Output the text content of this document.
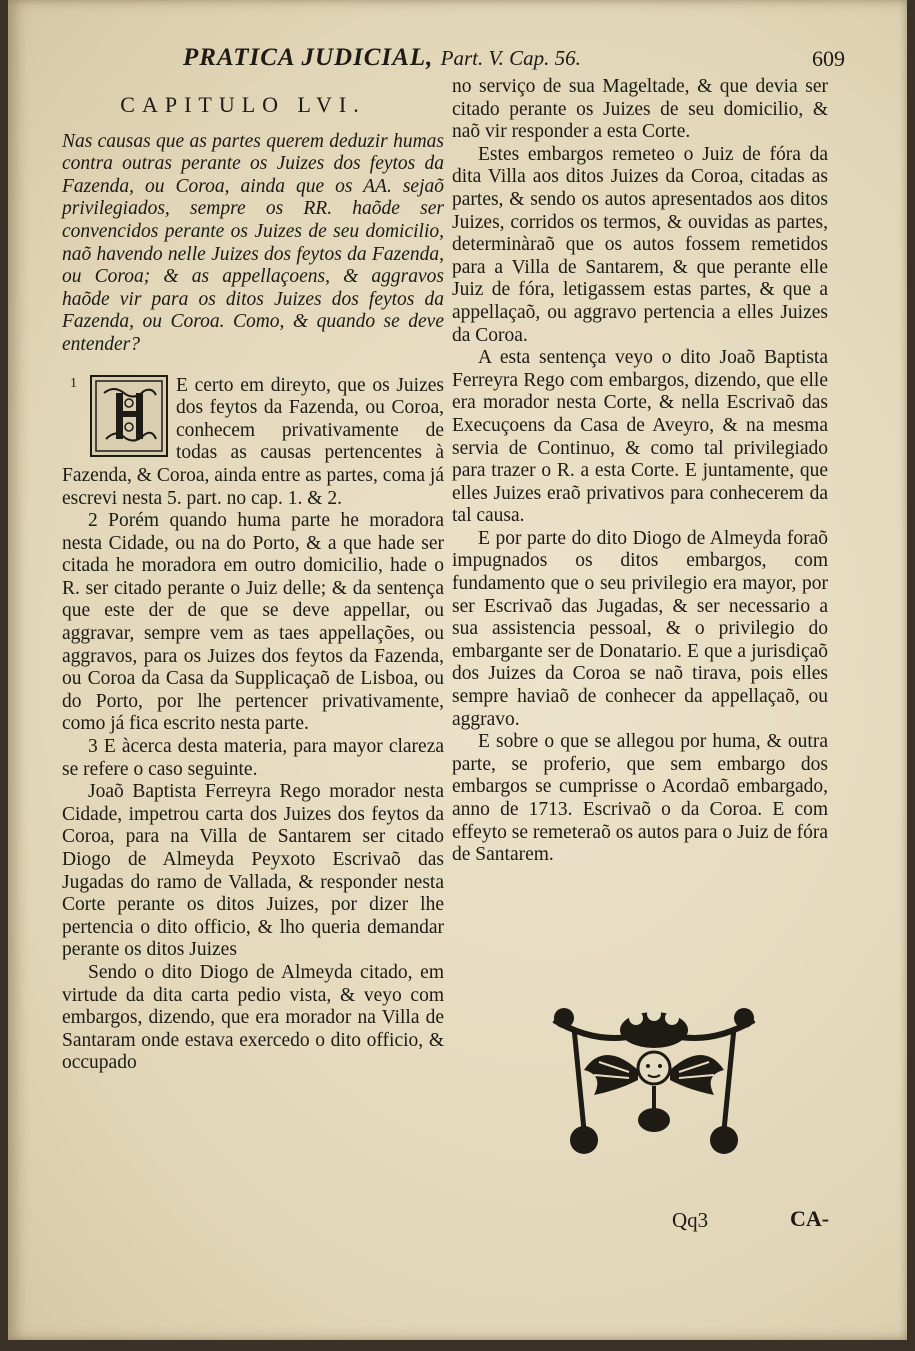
PRATICA JUDICIAL, Part. V. Cap. 56.	609
CAPITULO LVI.
Nas causas que as partes querem deduzir humas contra outras perante os Juizes dos feytos da Fazenda, ou Coroa, ainda que os AA. sejaõ privilegiados, sempre os RR. haõde ser convencidos perante os Juizes de seu domicilio, naõ havendo nelle Juizes dos feytos da Fazenda, ou Coroa; & as appellaçoens, & aggravos haõde vir para os ditos Juizes dos feytos da Fazenda, ou Coroa. Como, & quando se deve entender?
1	E certo em direyto, que os Juizes dos feytos da Fazenda, ou Coroa, conhecem privativamente de todas as causas pertencentes à Fazenda, & Coroa, ainda entre as partes, coma já escrevi nesta 5. part. no cap. 1. & 2.

2 Porém quando huma parte he moradora nesta Cidade, ou na do Porto, & a que hade ser citada he moradora em outro domicilio, hade o R. ser citado perante o Juiz delle; & da sentença que este der de que se deve appellar, ou aggravar, sempre vem as taes appellações, ou aggravos, para os Juizes dos feytos da Fazenda, ou Coroa da Casa da Supplicaçaõ de Lisboa, ou do Porto, por lhe pertencer privativamente, como já fica escrito nesta parte.

3 E àcerca desta materia, para mayor clareza se refere o caso seguinte.

Joaõ Baptista Ferreyra Rego morador nesta Cidade, impetrou carta dos Juizes dos feytos da Coroa, para na Villa de Santarem ser citado Diogo de Almeyda Peyxoto Escrivaõ das Jugadas do ramo de Vallada, & responder nesta Corte perante os ditos Juizes, por dizer lhe pertencia o dito officio, & lho queria demandar perante os ditos Juizes

Sendo o dito Diogo de Almeyda citado, em virtude da dita carta pedio vista, & veyo com embargos, dizendo, que era morador na Villa de Santaram onde estava exercedo o dito officio, & occupado

no serviço de sua Mageltade, & que devia ser citado perante os Juizes de seu domicilio, & naõ vir responder a esta Corte.

Estes embargos remeteo o Juiz de fóra da dita Villa aos ditos Juizes da Coroa, citadas as partes, & sendo os autos apresentados aos ditos Juizes, corridos os termos, & ouvidas as partes, determinàraõ que os autos fossem remetidos para a Villa de Santarem, & que perante elle Juiz de fóra, letigassem estas partes, & que a appellaçaõ, ou aggravo pertencia a elles Juizes da Coroa.

A esta sentença veyo o dito Joaõ Baptista Ferreyra Rego com embargos, dizendo, que elle era morador nesta Corte, & nella Escrivaõ das Execuçoens da Casa de Aveyro, & na mesma servia de Continuo, & como tal privilegiado para trazer o R. a esta Corte. E juntamente, que elles Juizes eraõ privativos para conhecerem da tal causa.

E por parte do dito Diogo de Almeyda foraõ impugnados os ditos embargos, com fundamento que o seu privilegio era mayor, por ser Escrivaõ das Jugadas, & ser necessario a sua assistencia pessoal, & o privilegio do embargante ser de Donatario. E que a jurisdiçaõ dos Juizes da Coroa se naõ tirava, pois elles sempre haviaõ de conhecer da appellaçaõ, ou aggravo.

E sobre o que se allegou por huma, & outra parte, se proferio, que sem embargo dos embargos se cumprisse o Acordaõ embargado, anno de 1713. Escrivaõ o da Coroa. E com effeyto se remeteraõ os autos para o Juiz de fóra de Santarem.

Qq3	CA-
